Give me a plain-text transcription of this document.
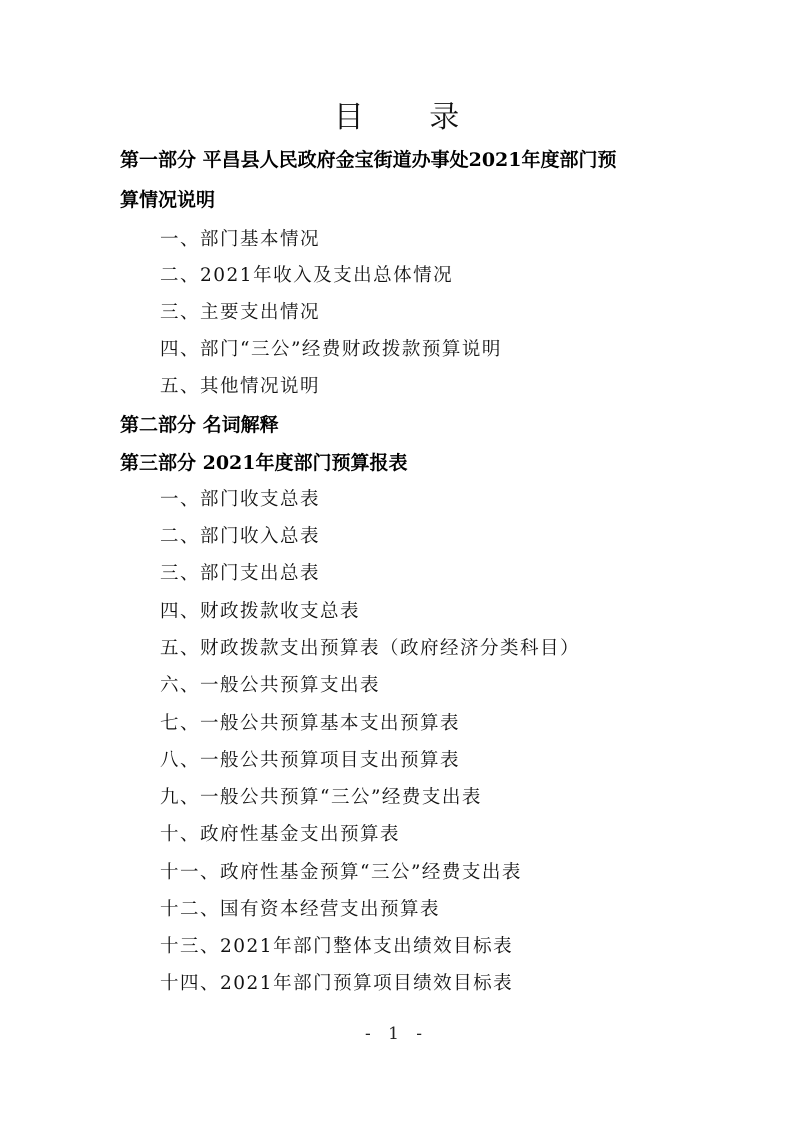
目 录
第一部分 平昌县人民政府金宝街道办事处2021年度部门预
算情况说明
一、部门基本情况
二、2021年收入及支出总体情况
三、主要支出情况
四、部门“三公”经费财政拨款预算说明
五、其他情况说明
第二部分 名词解释
第三部分 2021年度部门预算报表
一、部门收支总表
二、部门收入总表
三、部门支出总表
四、财政拨款收支总表
五、财政拨款支出预算表（政府经济分类科目）
六、一般公共预算支出表
七、一般公共预算基本支出预算表
八、一般公共预算项目支出预算表
九、一般公共预算“三公”经费支出表
十、政府性基金支出预算表
十一、政府性基金预算“三公”经费支出表
十二、国有资本经营支出预算表
十三、2021年部门整体支出绩效目标表
十四、2021年部门预算项目绩效目标表
- 1 -
